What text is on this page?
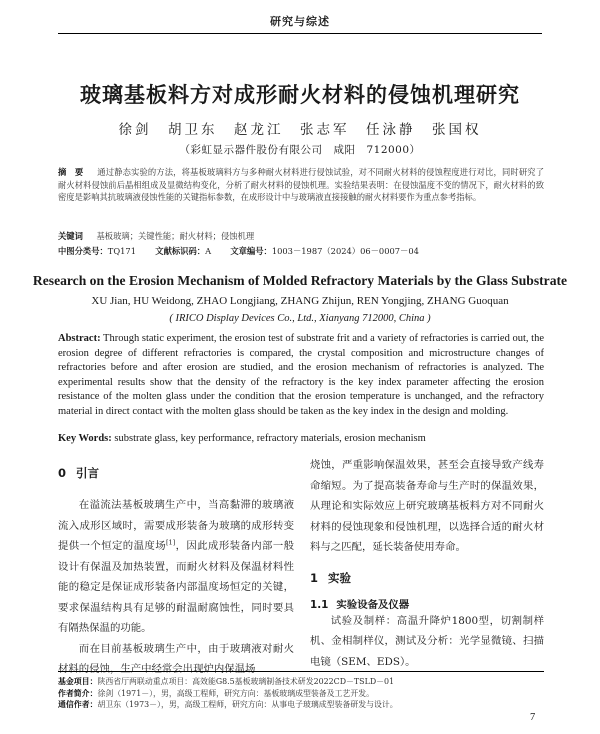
研究与综述
玻璃基板料方对成形耐火材料的侵蚀机理研究
徐剑　胡卫东　赵龙江　张志军　任泳静　张国权
（彩虹显示器件股份有限公司　咸阳　712000）
摘　要 　 通过静态实验的方法，将基板玻璃料方与多种耐火材料进行侵蚀试验，对不同耐火材料的侵蚀程度进行对比，同时研究了耐火材料侵蚀前后晶相组成及显微结构变化，分析了耐火材料的侵蚀机理。实验结果表明：在侵蚀温度不变的情况下，耐火材料的致密度是影响其抗玻璃液侵蚀性能的关键指标参数，在成形设计中与玻璃液直接接触的耐火材料要作为重点参考指标。
关键词 　 基板玻璃；关键性能；耐火材料；侵蚀机理
中图分类号：TQ171 文献标识码：A 文章编号：1003－1987（2024）06－0007－04
Research on the Erosion Mechanism of Molded Refractory Materials by the Glass Substrate
XU Jian, HU Weidong, ZHAO Longjiang, ZHANG Zhijun, REN Yongjing, ZHANG Guoquan
( IRICO Display Devices Co., Ltd., Xianyang 712000, China )
Abstract: Through static experiment, the erosion test of substrate frit and a variety of refractories is carried out, the erosion degree of different refractories is compared, the crystal composition and microstructure changes of refractories before and after erosion are studied, and the erosion mechanism of refractories is analyzed. The experimental results show that the density of the refractory is the key index parameter affecting the erosion resistance of the molten glass under the condition that the erosion temperature is unchanged, and the refractory material in direct contact with the molten glass should be taken as the key index in the design and molding.
Key Words: substrate glass, key performance, refractory materials, erosion mechanism
0 引言

在溢流法基板玻璃生产中，当高黏滞的玻璃液流入成形区域时，需要成形装备为玻璃的成形转变提供一个恒定的温度场[1]，因此成形装备内部一般设计有保温及加热装置，而耐火材料及保温材料性能的稳定是保证成形装备内部温度场恒定的关键，要求保温结构具有足够的耐温耐腐蚀性，同时要具有隔热保温的功能。

而在目前基板玻璃生产中，由于玻璃液对耐火材料的侵蚀，生产中经常会出现炉内保温场

烧蚀，严重影响保温效果，甚至会直接导致产线寿命缩短。为了提高装备寿命与生产时的保温效果，从理论和实际效应上研究玻璃基板料方对不同耐火材料的侵蚀现象和侵蚀机理，以选择合适的耐火材料与之匹配，延长装备使用寿命。

1 实验
1.1 实验设备及仪器

试验及制样：高温升降炉1800型，切割制样机、金相制样仪，测试及分析：光学显微镜、扫描电镜（SEM、EDS）。

基金项目：陕西省厅两联动重点项目：高效能G8.5基板玻璃制备技术研发2022CD－TSLD－01
作者简介：徐剑（1971－），男，高级工程师，研究方向：基板玻璃成型装备及工艺开发。
通信作者：胡卫东（1973－），男，高级工程师，研究方向：从事电子玻璃成型装备研发与设计。
7
